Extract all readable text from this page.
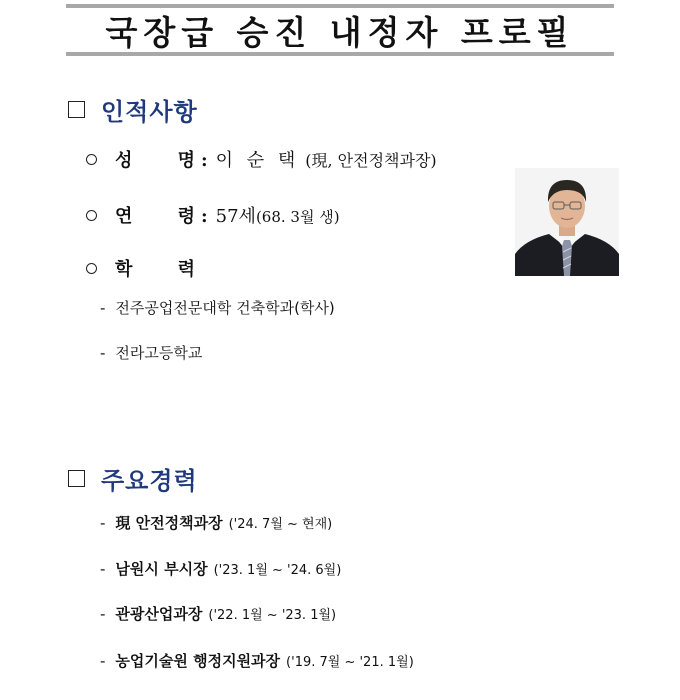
국장급 승진 내정자 프로필
인적사항
성	명 : 이 순 택 (現, 안전정책과장)
연	령 : 57세 (68. 3월 생)
학	력
- 전주공업전문대학 건축학과(학사)
- 전라고등학교
주요경력
- 現 안전정책과장 ('24. 7월 ~ 현재)
- 남원시 부시장 ('23. 1월 ~ '24. 6월)
- 관광산업과장 ('22. 1월 ~ '23. 1월)
- 농업기술원 행정지원과장 ('19. 7월 ~ '21. 1월)
